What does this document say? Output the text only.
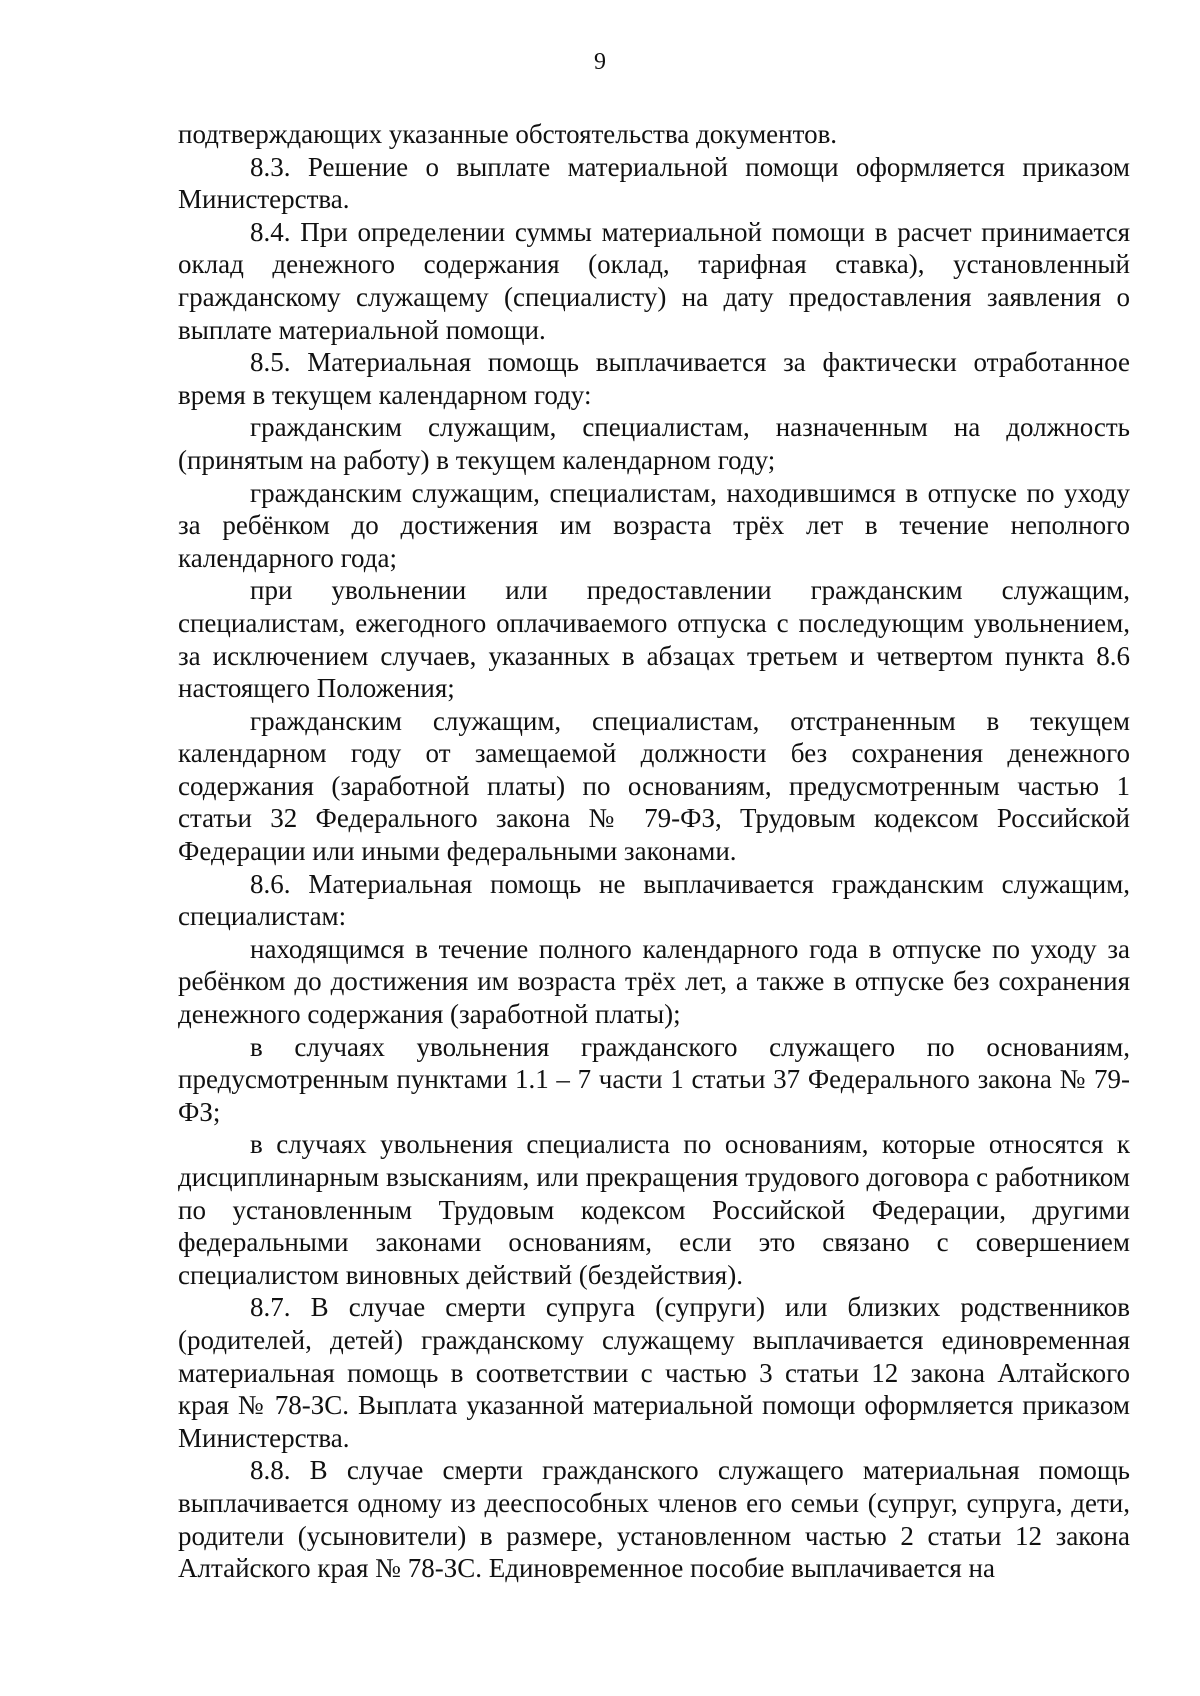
9

подтверждающих указанные обстоятельства документов.

8.3. Решение о выплате материальной помощи оформляется приказом Министерства.

8.4. При определении суммы материальной помощи в расчет принимается оклад денежного содержания (оклад, тарифная ставка), установленный гражданскому служащему (специалисту) на дату предоставления заявления о выплате материальной помощи.

8.5. Материальная помощь выплачивается за фактически отработанное время в текущем календарном году:

гражданским служащим, специалистам, назначенным на должность (принятым на работу) в текущем календарном году;

гражданским служащим, специалистам, находившимся в отпуске по уходу за ребёнком до достижения им возраста трёх лет в течение неполного календарного года;

при увольнении или предоставлении гражданским служащим, специалистам, ежегодного оплачиваемого отпуска с последующим увольнением, за исключением случаев, указанных в абзацах третьем и четвертом пункта 8.6 настоящего Положения;

гражданским служащим, специалистам, отстраненным в текущем календарном году от замещаемой должности без сохранения денежного содержания (заработной платы) по основаниям, предусмотренным частью 1 статьи 32 Федерального закона № 79-ФЗ, Трудовым кодексом Российской Федерации или иными федеральными законами.

8.6. Материальная помощь не выплачивается гражданским служащим, специалистам:

находящимся в течение полного календарного года в отпуске по уходу за ребёнком до достижения им возраста трёх лет, а также в отпуске без сохранения денежного содержания (заработной платы);

в случаях увольнения гражданского служащего по основаниям, предусмотренным пунктами 1.1 – 7 части 1 статьи 37 Федерального закона № 79-ФЗ;

в случаях увольнения специалиста по основаниям, которые относятся к дисциплинарным взысканиям, или прекращения трудового договора с работником по установленным Трудовым кодексом Российской Федерации, другими федеральными законами основаниям, если это связано с совершением специалистом виновных действий (бездействия).

8.7. В случае смерти супруга (супруги) или близких родственников (родителей, детей) гражданскому служащему выплачивается единовременная материальная помощь в соответствии с частью 3 статьи 12 закона Алтайского края № 78-ЗС. Выплата указанной материальной помощи оформляется приказом Министерства.

8.8. В случае смерти гражданского служащего материальная помощь выплачивается одному из дееспособных членов его семьи (супруг, супруга, дети, родители (усыновители) в размере, установленном частью 2 статьи 12 закона Алтайского края № 78-ЗС. Единовременное пособие выплачивается на
